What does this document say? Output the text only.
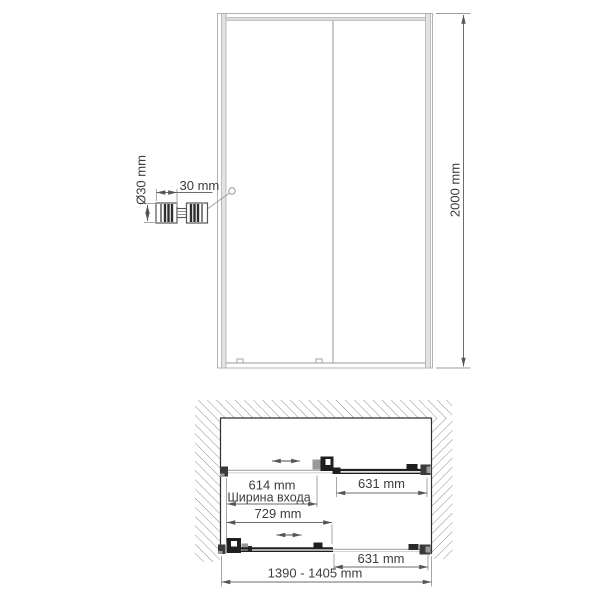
2000 mm
Ø30 mm 30 mm
614 mm
Ширина входа
631 mm
729 mm
631 mm
1390 - 1405 mm
